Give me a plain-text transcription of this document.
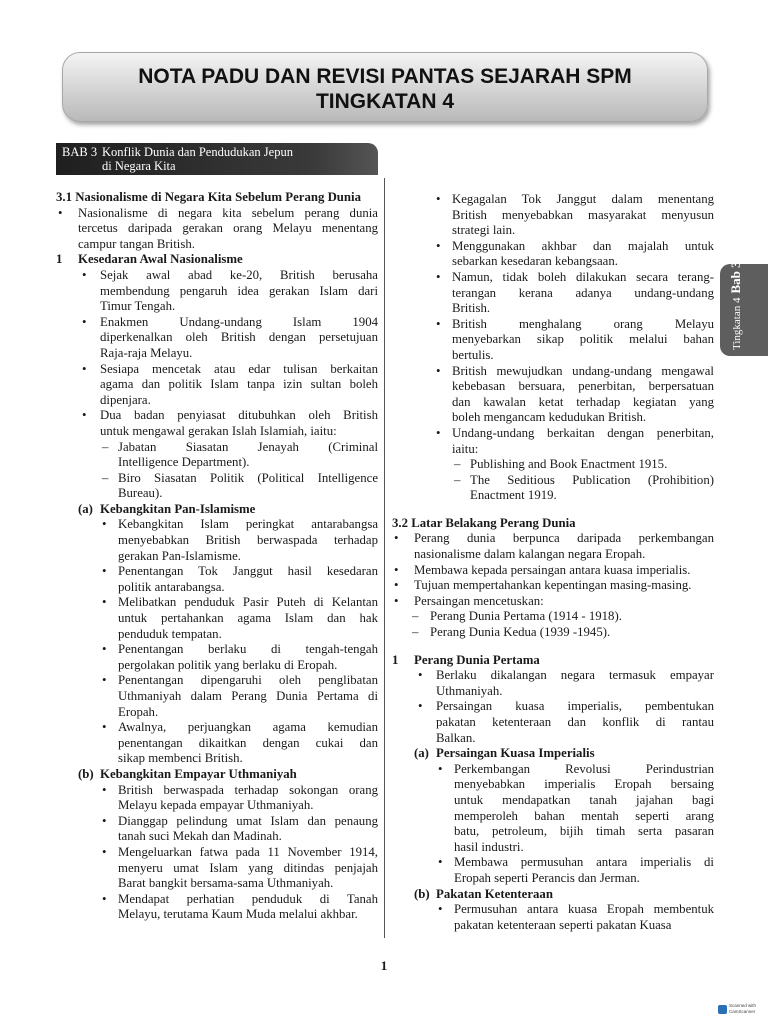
NOTA PADU DAN REVISI PANTAS SEJARAH SPM
TINGKATAN 4
BAB 3 Konflik Dunia dan Pendudukan Jepun
di Negara Kita
Tingkatan 4Bab 3
3.1 Nasionalisme di Negara Kita Sebelum Perang Dunia
• Nasionalisme di negara kita sebelum perang dunia
tercetus daripada gerakan orang Melayu menentang
campur tangan British.
1 Kesedaran Awal Nasionalisme
• Sejak awal abad ke-20, British berusaha
membendung pengaruh idea gerakan Islam dari
Timur Tengah.
• Enakmen Undang-undang Islam 1904
diperkenalkan oleh British dengan persetujuan
Raja-raja Melayu.
• Sesiapa mencetak atau edar tulisan berkaitan
agama dan politik Islam tanpa izin sultan boleh
dipenjara.
• Dua badan penyiasat ditubuhkan oleh British
untuk mengawal gerakan Islah Islamiah, iaitu:
– Jabatan Siasatan Jenayah (Criminal
Intelligence Department).
– Biro Siasatan Politik (Political Intelligence
Bureau).
(a) Kebangkitan Pan-Islamisme
• Kebangkitan Islam peringkat antarabangsa
menyebabkan British berwaspada terhadap
gerakan Pan-Islamisme.
• Penentangan Tok Janggut hasil kesedaran
politik antarabangsa.
• Melibatkan penduduk Pasir Puteh di Kelantan
untuk pertahankan agama Islam dan hak
penduduk tempatan.
• Penentangan berlaku di tengah-tengah
pergolakan politik yang berlaku di Eropah.
• Penentangan dipengaruhi oleh penglibatan
Uthmaniyah dalam Perang Dunia Pertama di
Eropah.
• Awalnya, perjuangkan agama kemudian
penentangan dikaitkan dengan cukai dan
sikap membenci British.
(b) Kebangkitan Empayar Uthmaniyah
• British berwaspada terhadap sokongan orang
Melayu kepada empayar Uthmaniyah.
• Dianggap pelindung umat Islam dan penaung
tanah suci Mekah dan Madinah.
• Mengeluarkan fatwa pada 11 November 1914,
menyeru umat Islam yang ditindas penjajah
Barat bangkit bersama-sama Uthmaniyah.
• Mendapat perhatian penduduk di Tanah
Melayu, terutama Kaum Muda melalui akhbar.
• Kegagalan Tok Janggut dalam menentang
British menyebabkan masyarakat menyusun
strategi lain.
• Menggunakan akhbar dan majalah untuk
sebarkan kesedaran kebangsaan.
• Namun, tidak boleh dilakukan secara terang-
terangan kerana adanya undang-undang
British.
• British menghalang orang Melayu
menyebarkan sikap politik melalui bahan
bertulis.
• British mewujudkan undang-undang mengawal
kebebasan bersuara, penerbitan, berpersatuan
dan kawalan ketat terhadap kegiatan yang
boleh mengancam kedudukan British.
• Undang-undang berkaitan dengan penerbitan,
iaitu:
– Publishing and Book Enactment 1915.
– The Seditious Publication (Prohibition)
Enactment 1919.
3.2 Latar Belakang Perang Dunia
• Perang dunia berpunca daripada perkembangan
nasionalisme dalam kalangan negara Eropah.
• Membawa kepada persaingan antara kuasa imperialis.
• Tujuan mempertahankan kepentingan masing-masing.
• Persaingan mencetuskan:
– Perang Dunia Pertama (1914 - 1918).
– Perang Dunia Kedua (1939 -1945).
1 Perang Dunia Pertama
• Berlaku dikalangan negara termasuk empayar
Uthmaniyah.
• Persaingan kuasa imperialis, pembentukan
pakatan ketenteraan dan konflik di rantau
Balkan.
(a) Persaingan Kuasa Imperialis
• Perkembangan Revolusi Perindustrian
menyebabkan imperialis Eropah bersaing
untuk mendapatkan tanah jajahan bagi
memperoleh bahan mentah seperti arang
batu, petroleum, bijih timah serta pasaran
hasil industri.
• Membawa permusuhan antara imperialis di
Eropah seperti Perancis dan Jerman.
(b) Pakatan Ketenteraan
• Permusuhan antara kuasa Eropah membentuk
pakatan ketenteraan seperti pakatan Kuasa
1
Scanned with
CamScanner
